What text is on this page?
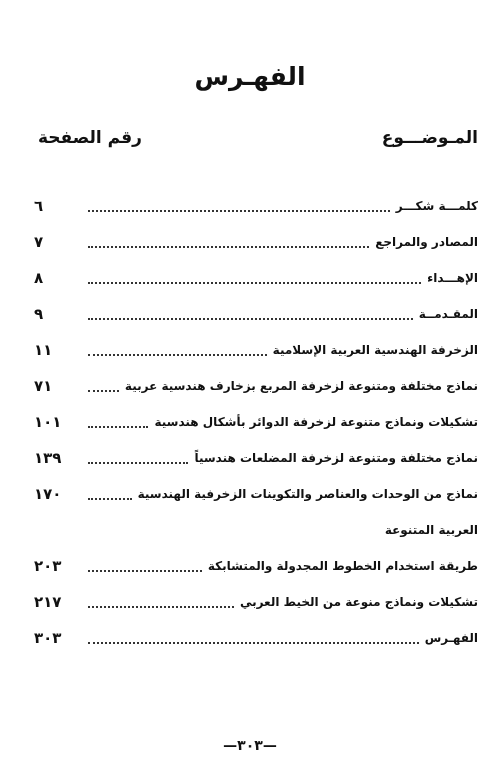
الفهـرس
المـوضـــوع
رقم الصفحة
٦	كلمـــة شكـــر
٧	المصادر والمراجع
٨	الإهـــداء
٩	المقـدمــة
١١	الزخرفة الهندسية العربية الإسلامية
٧١	نماذج مختلفة ومتنوعة لزخرفة المربع بزخارف هندسية عربية
١٠١	تشكيلات ونماذج متنوعة لزخرفة الدوائر بأشكال هندسية
١٣٩	نماذج مختلفة ومتنوعة لزخرفة المضلعات هندسياً
١٧٠	نماذج من الوحدات والعناصر والتكوينات الزخرفية الهندسية
العربية المتنوعة
٢٠٣	طريقة استخدام الخطوط المجدولة والمتشابكة
٢١٧	تشكيلات ونماذج منوعة من الخيط العربي
٣٠٣	الفهـرس
—٣٠٣—
